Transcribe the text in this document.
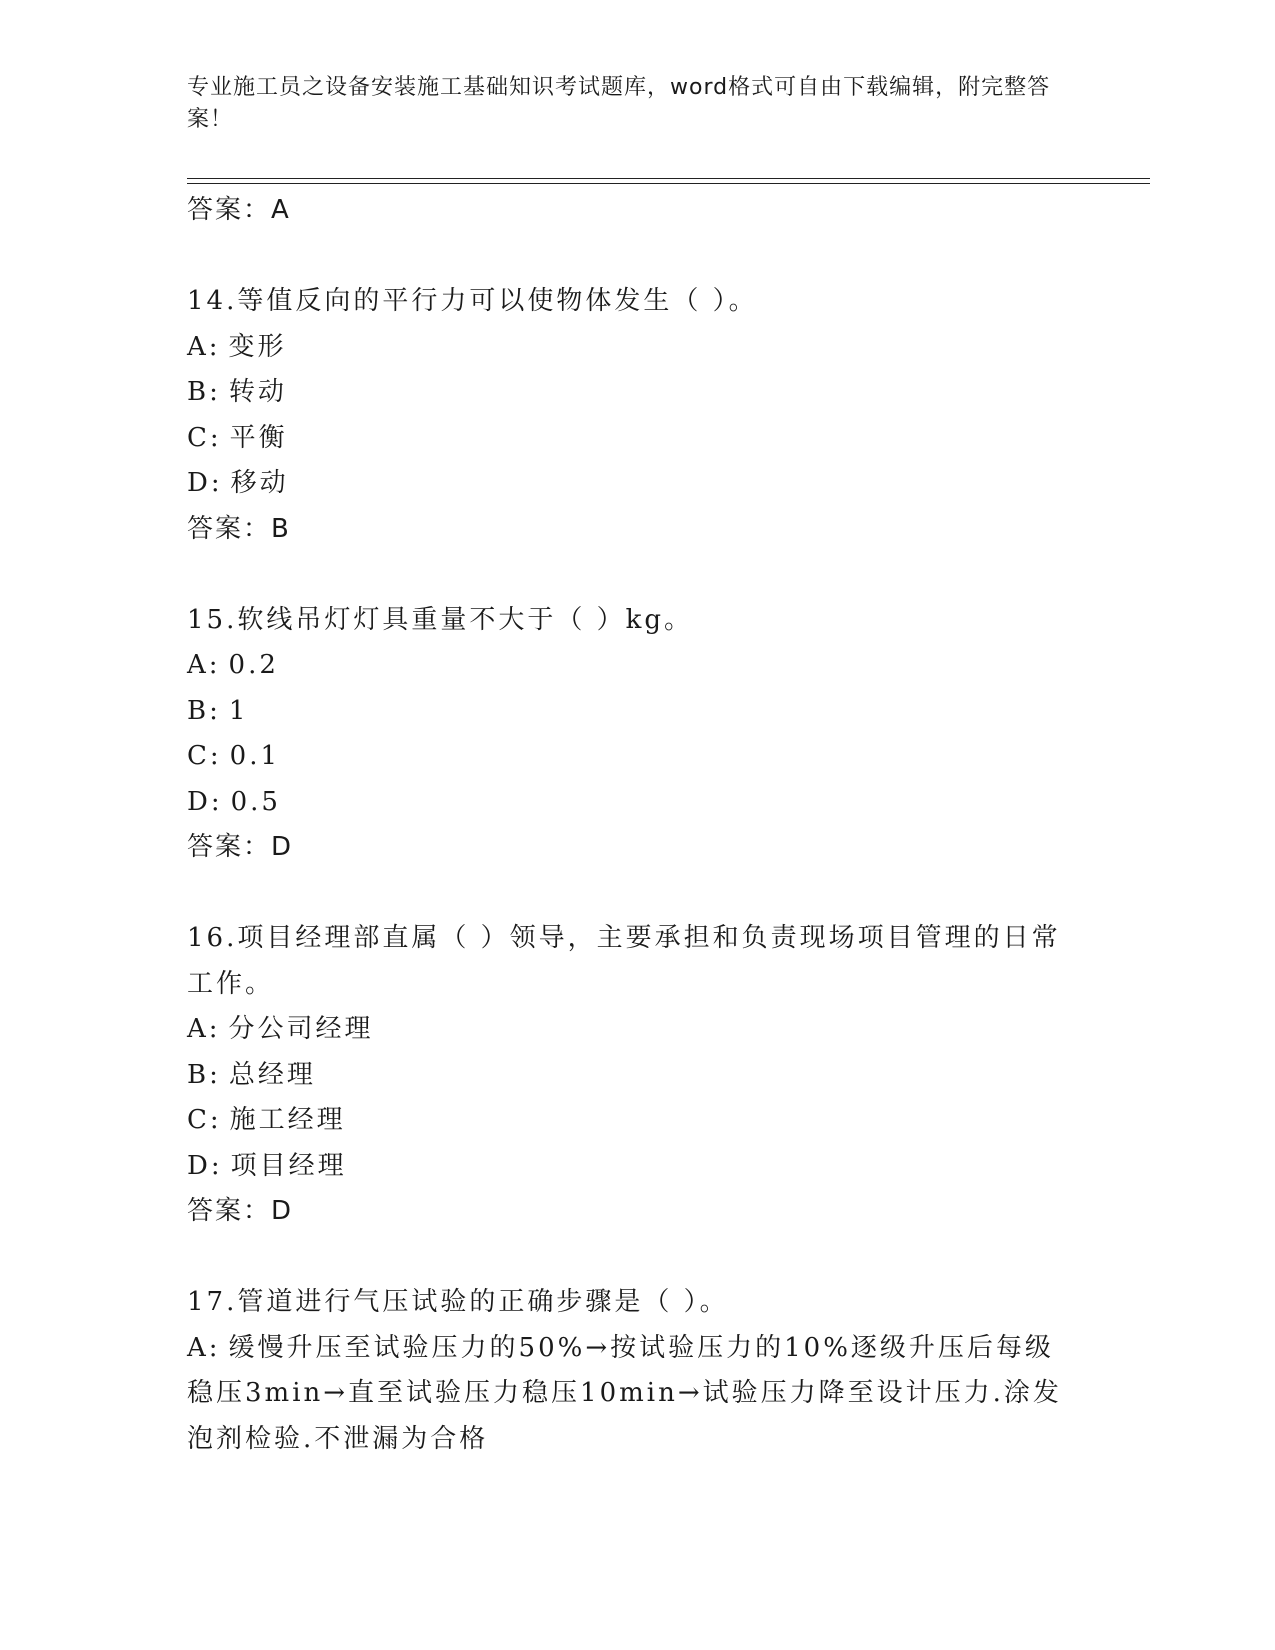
专业施工员之设备安装施工基础知识考试题库，word格式可自由下载编辑，附完整答案！
答案：A
14.等值反向的平行力可以使物体发生（ ）。
A: 变形
B: 转动
C: 平衡
D: 移动
答案：B
15.软线吊灯灯具重量不大于（ ）kg。
A: 0.2
B: 1
C: 0.1
D: 0.5
答案：D
16.项目经理部直属（ ）领导，主要承担和负责现场项目管理的日常工作。
A: 分公司经理
B: 总经理
C: 施工经理
D: 项目经理
答案：D
17.管道进行气压试验的正确步骤是（ ）。
A: 缓慢升压至试验压力的50%→按试验压力的10%逐级升压后每级稳压3min→直至试验压力稳压10min→试验压力降至设计压力.涂发泡剂检验.不泄漏为合格
